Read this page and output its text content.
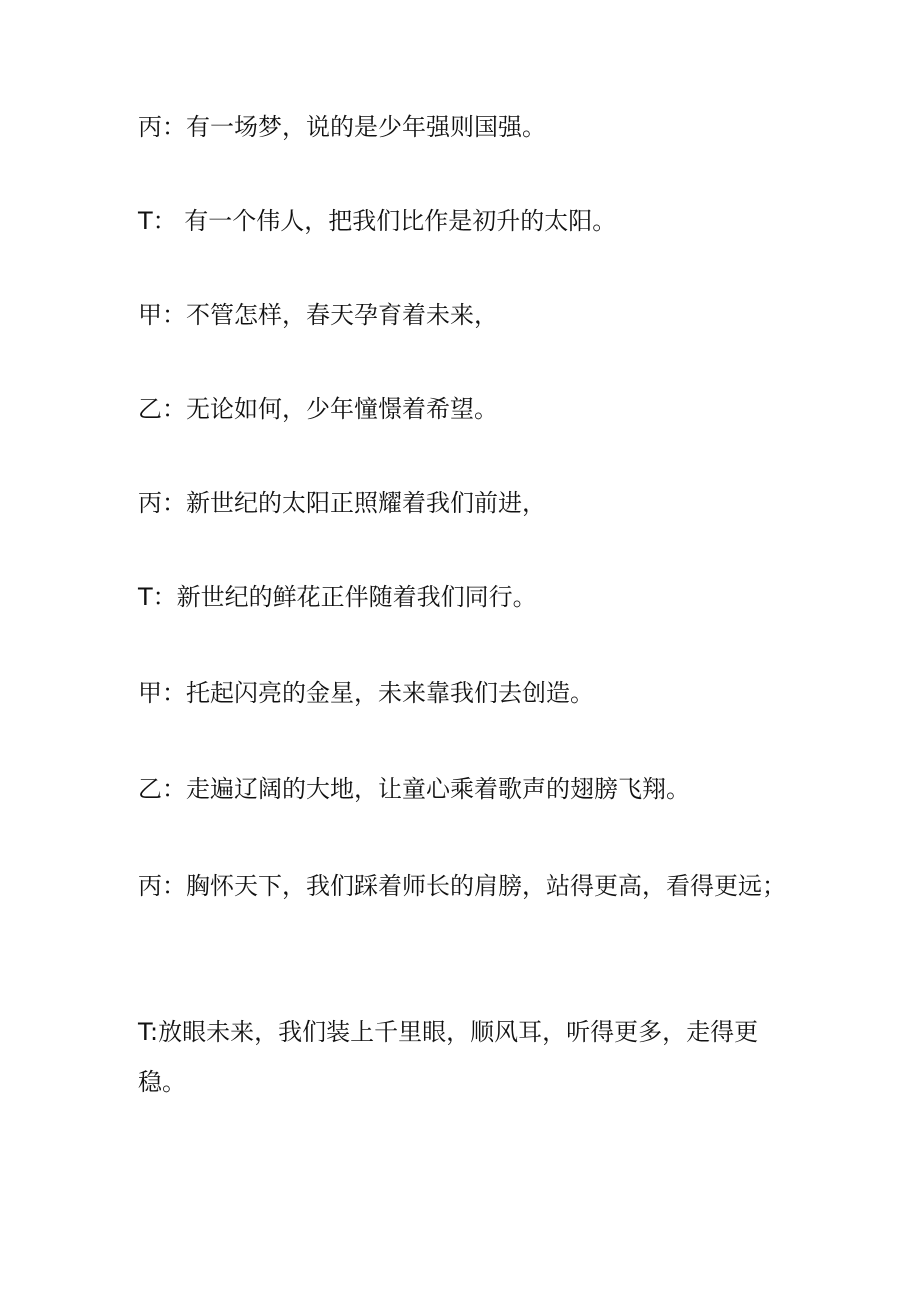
丙：有一场梦，说的是少年强则国强。

T： 有一个伟人，把我们比作是初升的太阳。

甲：不管怎样，春天孕育着未来，

乙：无论如何，少年憧憬着希望。

丙：新世纪的太阳正照耀着我们前进，

T：新世纪的鲜花正伴随着我们同行。

甲：托起闪亮的金星，未来靠我们去创造。

乙：走遍辽阔的大地，让童心乘着歌声的翅膀飞翔。

丙：胸怀天下，我们踩着师长的肩膀，站得更高，看得更远；

T:放眼未来，我们装上千里眼，顺风耳，听得更多，走得更稳。
